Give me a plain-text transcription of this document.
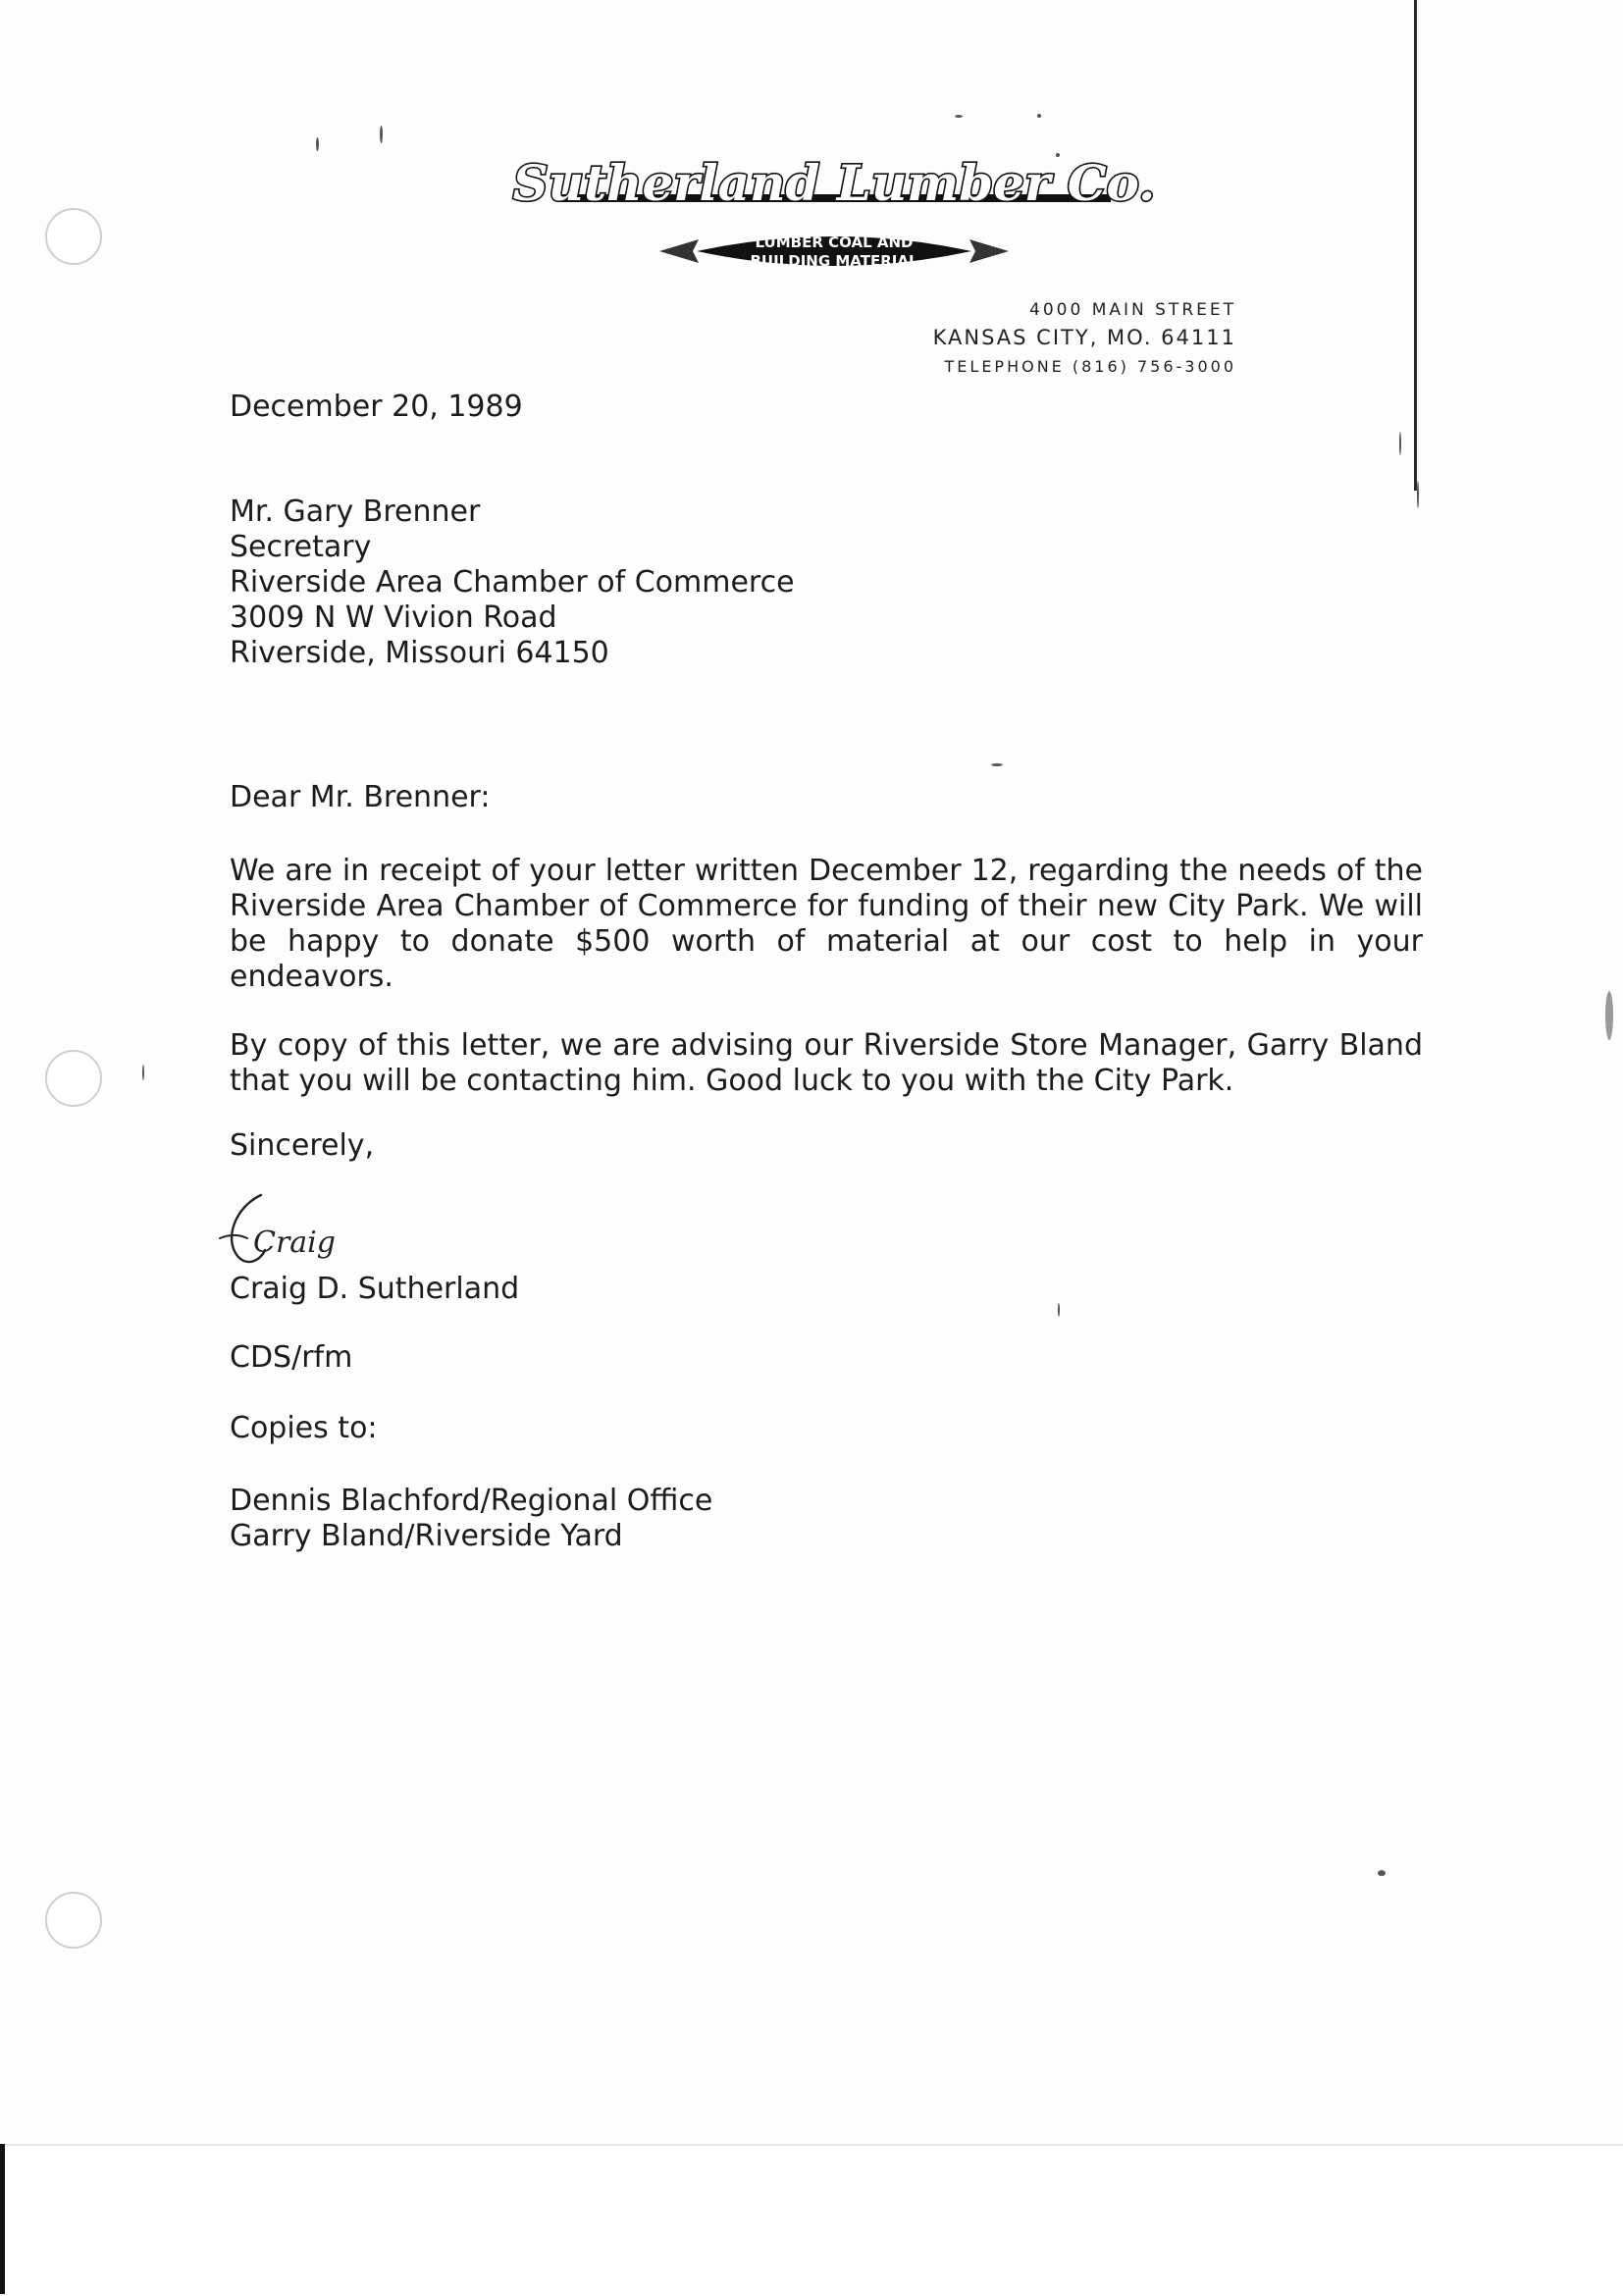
Sutherland Lumber Co.
LUMBER COAL AND
BUILDING MATERIAL
4000 MAIN STREET
KANSAS CITY, MO. 64111
TELEPHONE (816) 756-3000
December 20, 1989
Mr. Gary Brenner
Secretary
Riverside Area Chamber of Commerce
3009 N W Vivion Road
Riverside, Missouri 64150
Dear Mr. Brenner:
We are in receipt of your letter written December 12, regarding the needs of the Riverside Area Chamber of Commerce for funding of their new City Park. We will be happy to donate $500 worth of material at our cost to help in your endeavors.
By copy of this letter, we are advising our Riverside Store Manager, Garry Bland that you will be contacting him. Good luck to you with the City Park.
Sincerely,
Craig
Craig D. Sutherland
CDS/rfm
Copies to:
Dennis Blachford/Regional Office
Garry Bland/Riverside Yard
